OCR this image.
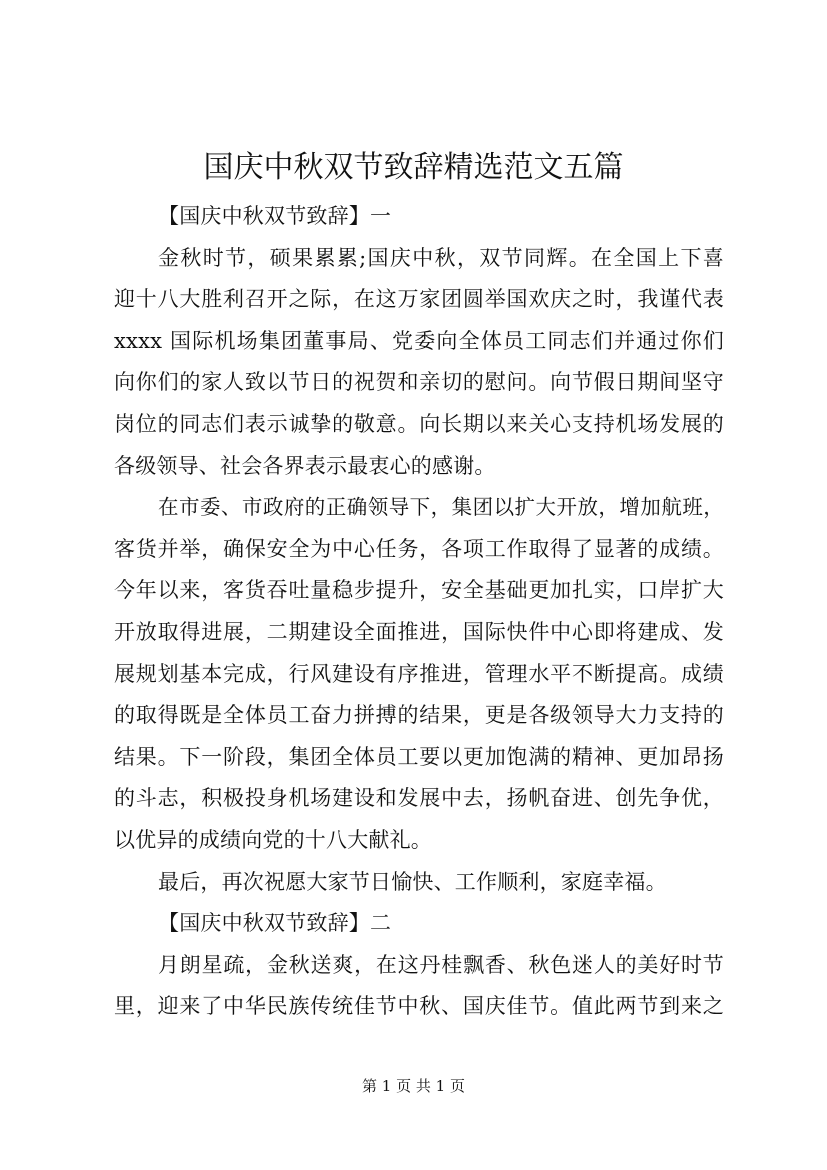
国庆中秋双节致辞精选范文五篇
【国庆中秋双节致辞】一
金秋时节，硕果累累;国庆中秋，双节同辉。在全国上下喜
迎十八大胜利召开之际，在这万家团圆举国欢庆之时，我谨代表
xxxx 国际机场集团董事局、党委向全体员工同志们并通过你们
向你们的家人致以节日的祝贺和亲切的慰问。向节假日期间坚守
岗位的同志们表示诚挚的敬意。向长期以来关心支持机场发展的
各级领导、社会各界表示最衷心的感谢。
在市委、市政府的正确领导下，集团以扩大开放，增加航班，
客货并举，确保安全为中心任务，各项工作取得了显著的成绩。
今年以来，客货吞吐量稳步提升，安全基础更加扎实，口岸扩大
开放取得进展，二期建设全面推进，国际快件中心即将建成、发
展规划基本完成，行风建设有序推进，管理水平不断提高。成绩
的取得既是全体员工奋力拼搏的结果，更是各级领导大力支持的
结果。下一阶段，集团全体员工要以更加饱满的精神、更加昂扬
的斗志，积极投身机场建设和发展中去，扬帆奋进、创先争优，
以优异的成绩向党的十八大献礼。
最后，再次祝愿大家节日愉快、工作顺利，家庭幸福。
【国庆中秋双节致辞】二
月朗星疏，金秋送爽，在这丹桂飘香、秋色迷人的美好时节
里，迎来了中华民族传统佳节中秋、国庆佳节。值此两节到来之
第 1 页 共 1 页
